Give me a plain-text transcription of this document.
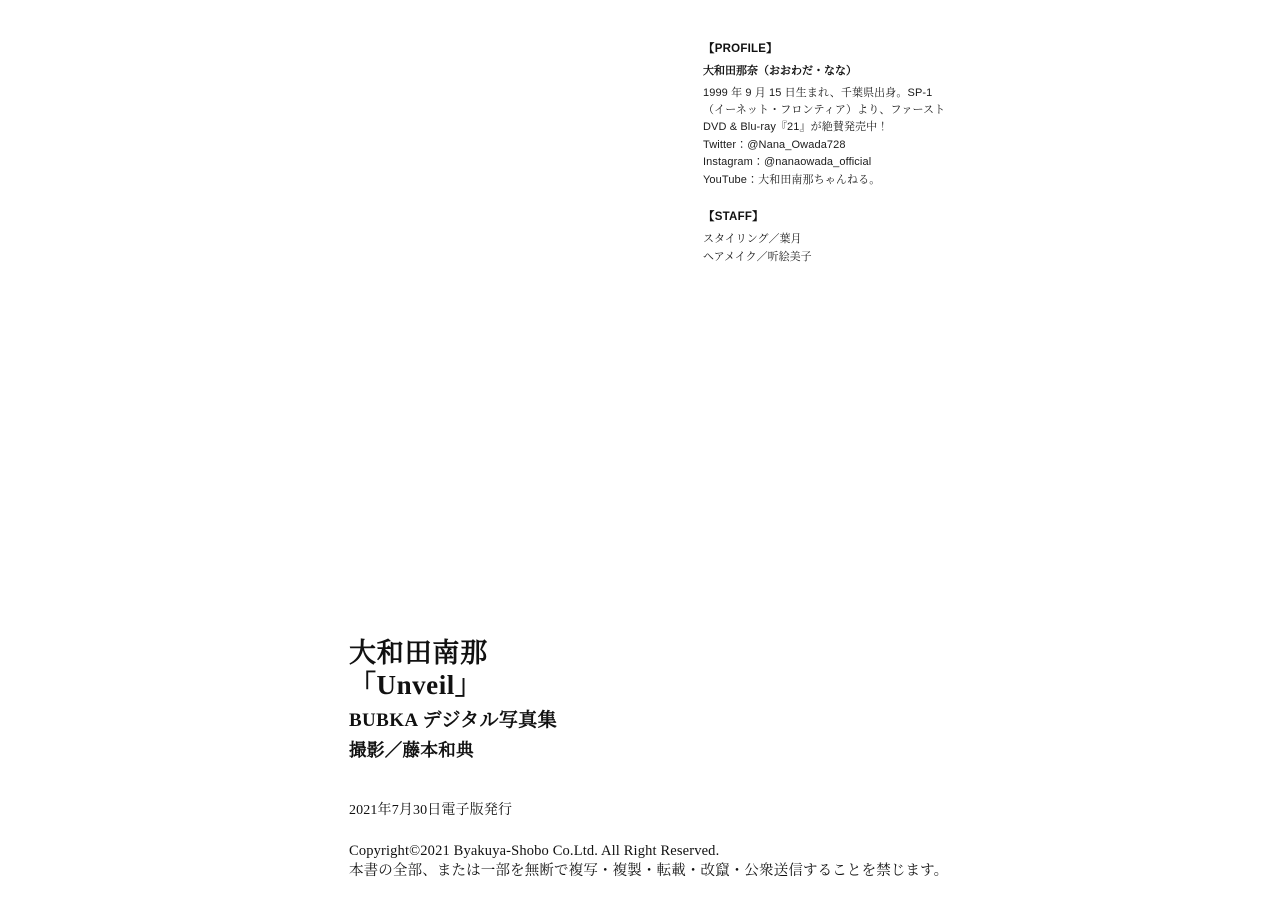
【PROFILE】

大和田那奈（おおわだ・なな）

1999 年 9 月 15 日生まれ、千葉県出身。SP-1
（イーネット・フロンティア）より、ファースト
DVD & Blu-ray『21』が絶賛発売中！
Twitter：@Nana_Owada728
Instagram：@nanaowada_official
YouTube：大和田南那ちゃんねる。

【STAFF】

スタイリング／葉月
ヘアメイク／听絵美子

大和田南那

「Unveil」

BUBKA デジタル写真集

撮影／藤本和典

2021年7月30日電子版発行
Copyright©2021 Byakuya-Shobo Co.Ltd. All Right Reserved.
本書の全部、または一部を無断で複写・複製・転載・改竄・公衆送信することを禁じます。
